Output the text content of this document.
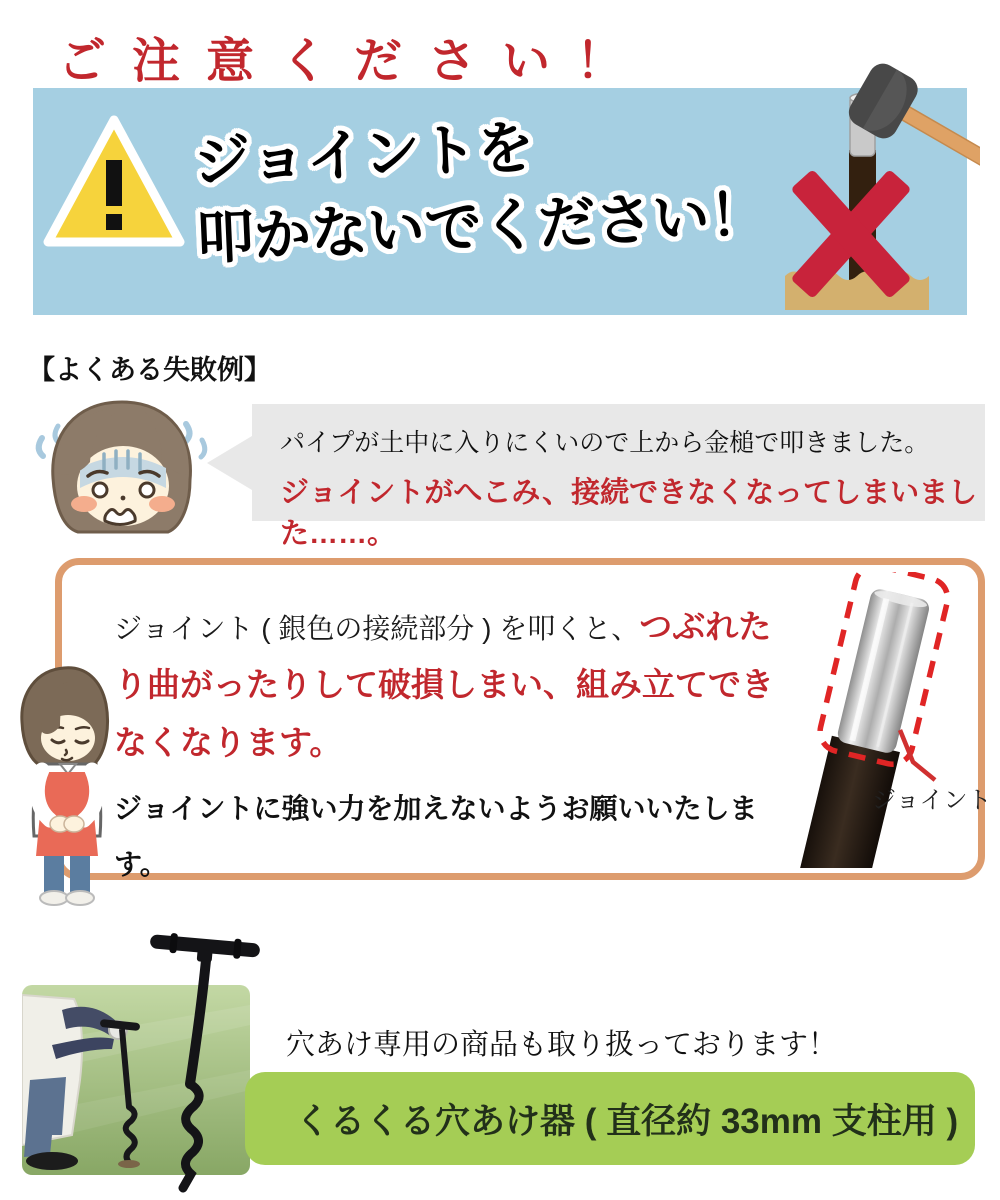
ご注意ください！
ジョイントを
叩かないでください！
【よくある失敗例】
パイプが土中に入りにくいので上から金槌で叩きました。
ジョイントがへこみ、接続できなくなってしまいました……。

ジョイント ( 銀色の接続部分 ) を叩くと、つぶれたり曲がったりして破損しまい、組み立てできなくなります。

ジョイントに強い力を加えないようお願いいたします。

ジョイント
穴あけ専用の商品も取り扱っております！
くるくる穴あけ器 ( 直径約 33mm 支柱用 )
